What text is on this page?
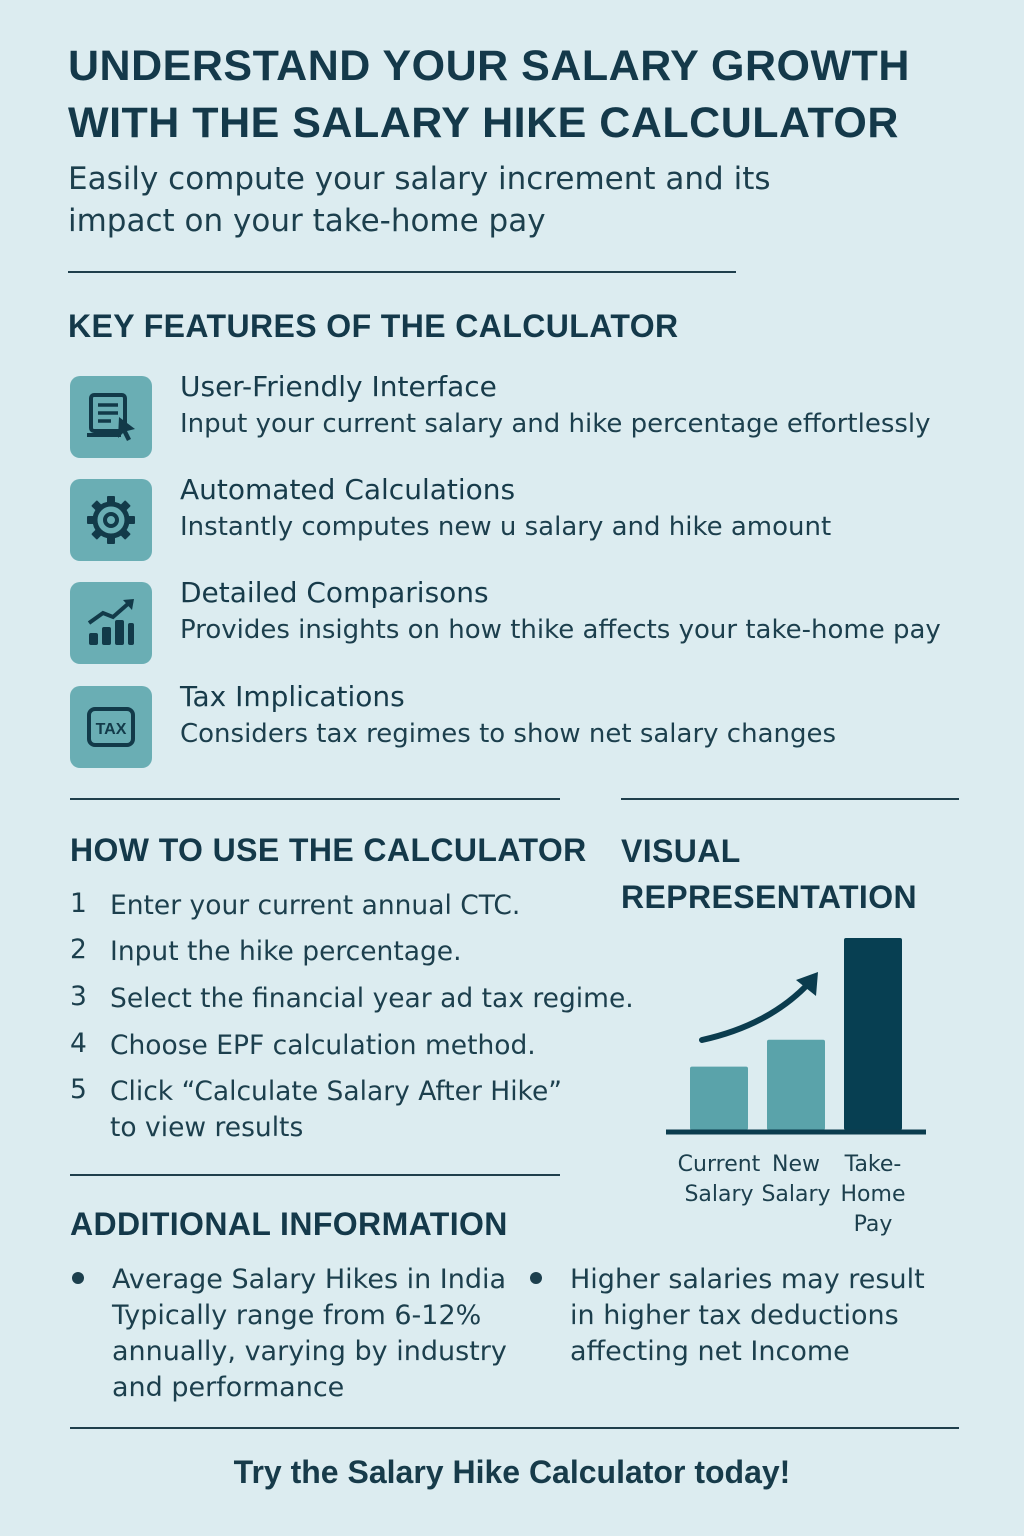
UNDERSTAND YOUR SALARY GROWTH
WITH THE SALARY HIKE CALCULATOR
Easily compute your salary increment and its
impact on your take-home pay
KEY FEATURES OF THE CALCULATOR
User-Friendly Interface
Input your current salary and hike percentage effortlessly
Automated Calculations
Instantly computes new u salary and hike amount
Detailed Comparisons
Provides insights on how thike affects your take-home pay
TAX
Tax Implications
Considers tax regimes to show net salary changes
HOW TO USE THE CALCULATOR
1 Enter your current annual CTC.
2 Input the hike percentage.
3 Select the financial year ad tax regime.
4 Choose EPF calculation method.
5 Click “Calculate Salary After Hike”
to view results
VISUAL
REPRESENTATION
Current
Salary
New
Salary
Take-
Home
Pay
ADDITIONAL INFORMATION
Average Salary Hikes in India
Typically range from 6-12%
annually, varying by industry
and performance
Higher salaries may result
in higher tax deductions
affecting net Income
Try the Salary Hike Calculator today!
